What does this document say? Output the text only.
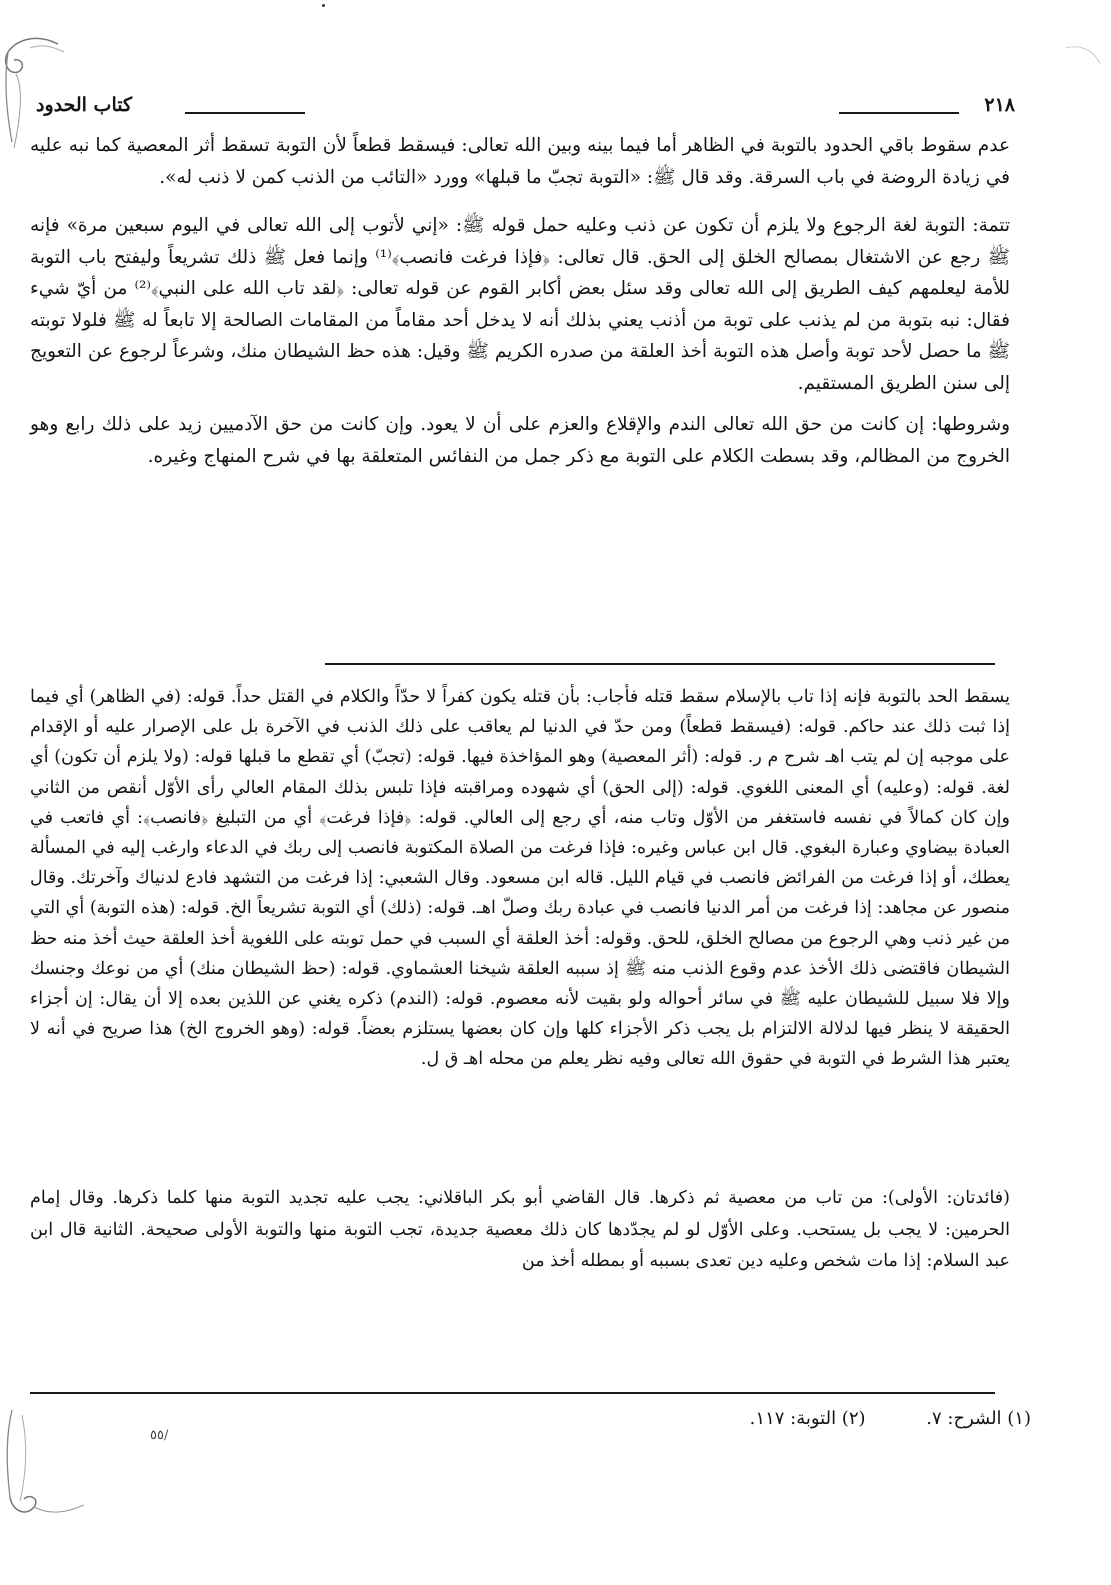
٢١٨
كتاب الحدود

عدم سقوط باقي الحدود بالتوبة في الظاهر أما فيما بينه وبين الله تعالى: فيسقط قطعاً لأن التوبة تسقط أثر المعصية كما نبه عليه في زيادة الروضة في باب السرقة. وقد قال ﷺ: «التوبة تجبّ ما قبلها» وورد «التائب من الذنب كمن لا ذنب له».

تتمة: التوبة لغة الرجوع ولا يلزم أن تكون عن ذنب وعليه حمل قوله ﷺ: «إني لأتوب إلى الله تعالى في اليوم سبعين مرة» فإنه ﷺ رجع عن الاشتغال بمصالح الخلق إلى الحق. قال تعالى: ﴿فإذا فرغت فانصب﴾⁽¹⁾ وإنما فعل ﷺ ذلك تشريعاً وليفتح باب التوبة للأمة ليعلمهم كيف الطريق إلى الله تعالى وقد سئل بعض أكابر القوم عن قوله تعالى: ﴿لقد تاب الله على النبي﴾⁽²⁾ من أيّ شيء فقال: نبه بتوبة من لم يذنب على توبة من أذنب يعني بذلك أنه لا يدخل أحد مقاماً من المقامات الصالحة إلا تابعاً له ﷺ فلولا توبته ﷺ ما حصل لأحد توبة وأصل هذه التوبة أخذ العلقة من صدره الكريم ﷺ وقيل: هذه حظ الشيطان منك، وشرعاً لرجوع عن التعويج إلى سنن الطريق المستقيم.

وشروطها: إن كانت من حق الله تعالى الندم والإقلاع والعزم على أن لا يعود. وإن كانت من حق الآدميين زيد على ذلك رابع وهو الخروج من المظالم، وقد بسطت الكلام على التوبة مع ذكر جمل من النفائس المتعلقة بها في شرح المنهاج وغيره.

يسقط الحد بالتوبة فإنه إذا تاب بالإسلام سقط قتله فأجاب: بأن قتله يكون كفراً لا حدّاً والكلام في القتل حداً. قوله: (في الظاهر) أي فيما إذا ثبت ذلك عند حاكم. قوله: (فيسقط قطعاً) ومن حدّ في الدنيا لم يعاقب على ذلك الذنب في الآخرة بل على الإصرار عليه أو الإقدام على موجبه إن لم يتب اهـ شرح م ر. قوله: (أثر المعصية) وهو المؤاخذة فيها. قوله: (تجبّ) أي تقطع ما قبلها قوله: (ولا يلزم أن تكون) أي لغة. قوله: (وعليه) أي المعنى اللغوي. قوله: (إلى الحق) أي شهوده ومراقبته فإذا تلبس بذلك المقام العالي رأى الأوّل أنقص من الثاني وإن كان كمالاً في نفسه فاستغفر من الأوّل وتاب منه، أي رجع إلى العالي. قوله: ﴿فإذا فرغت﴾ أي من التبليغ ﴿فانصب﴾: أي فاتعب في العبادة بيضاوي وعبارة البغوي. قال ابن عباس وغيره: فإذا فرغت من الصلاة المكتوبة فانصب إلى ربك في الدعاء وارغب إليه في المسألة يعطك، أو إذا فرغت من الفرائض فانصب في قيام الليل. قاله ابن مسعود. وقال الشعبي: إذا فرغت من التشهد فادع لدنياك وآخرتك. وقال منصور عن مجاهد: إذا فرغت من أمر الدنيا فانصب في عبادة ربك وصلّ اهـ. قوله: (ذلك) أي التوبة تشريعاً الخ. قوله: (هذه التوبة) أي التي من غير ذنب وهي الرجوع من مصالح الخلق، للحق. وقوله: أخذ العلقة أي السبب في حمل توبته على اللغوية أخذ العلقة حيث أخذ منه حظ الشيطان فاقتضى ذلك الأخذ عدم وقوع الذنب منه ﷺ إذ سببه العلقة شيخنا العشماوي. قوله: (حظ الشيطان منك) أي من نوعك وجنسك وإلا فلا سبيل للشيطان عليه ﷺ في سائر أحواله ولو بقيت لأنه معصوم. قوله: (الندم) ذكره يغني عن اللذين بعده إلا أن يقال: إن أجزاء الحقيقة لا ينظر فيها لدلالة الالتزام بل يجب ذكر الأجزاء كلها وإن كان بعضها يستلزم بعضاً. قوله: (وهو الخروج الخ) هذا صريح في أنه لا يعتبر هذا الشرط في التوبة في حقوق الله تعالى وفيه نظر يعلم من محله اهـ ق ل.

(فائدتان: الأولى): من تاب من معصية ثم ذكرها. قال القاضي أبو بكر الباقلاني: يجب عليه تجديد التوبة منها كلما ذكرها. وقال إمام الحرمين: لا يجب بل يستحب. وعلى الأوّل لو لم يجدّدها كان ذلك معصية جديدة، تجب التوبة منها والتوبة الأولى صحيحة. الثانية قال ابن عبد السلام: إذا مات شخص وعليه دين تعدى بسببه أو بمطله أخذ من

(١) الشرح: ٧. (٢) التوبة: ١١٧.
٥٥/
